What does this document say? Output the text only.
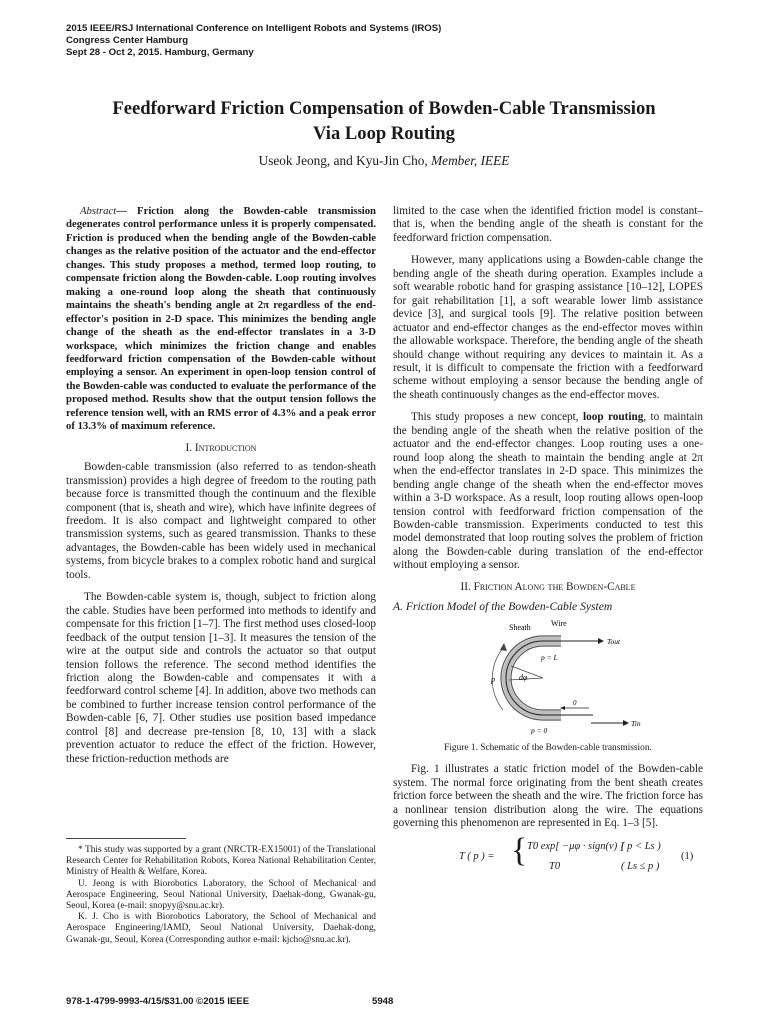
2015 IEEE/RSJ International Conference on Intelligent Robots and Systems (IROS)
Congress Center Hamburg
Sept 28 - Oct 2, 2015. Hamburg, Germany
Feedforward Friction Compensation of Bowden-Cable Transmission
Via Loop Routing
Useok Jeong, and Kyu-Jin Cho, Member, IEEE

Abstract— Friction along the Bowden-cable transmission degenerates control performance unless it is properly compensated. Friction is produced when the bending angle of the Bowden-cable changes as the relative position of the actuator and the end-effector changes. This study proposes a method, termed loop routing, to compensate friction along the Bowden-cable. Loop routing involves making a one-round loop along the sheath that continuously maintains the sheath's bending angle at 2π regardless of the end-effector's position in 2-D space. This minimizes the bending angle change of the sheath as the end-effector translates in a 3-D workspace, which minimizes the friction change and enables feedforward friction compensation of the Bowden-cable without employing a sensor. An experiment in open-loop tension control of the Bowden-cable was conducted to evaluate the performance of the proposed method. Results show that the output tension follows the reference tension well, with an RMS error of 4.3% and a peak error of 13.3% of maximum reference.

I. Introduction

Bowden-cable transmission (also referred to as tendon-sheath transmission) provides a high degree of freedom to the routing path because force is transmitted though the continuum and the flexible component (that is, sheath and wire), which have infinite degrees of freedom. It is also compact and lightweight compared to other transmission systems, such as geared transmission. Thanks to these advantages, the Bowden-cable has been widely used in mechanical systems, from bicycle brakes to a complex robotic hand and surgical tools.

The Bowden-cable system is, though, subject to friction along the cable. Studies have been performed into methods to identify and compensate for this friction [1–7]. The first method uses closed-loop feedback of the output tension [1–3]. It measures the tension of the wire at the output side and controls the actuator so that output tension follows the reference. The second method identifies the friction along the Bowden-cable and compensates it with a feedforward control scheme [4]. In addition, above two methods can be combined to further increase tension control performance of the Bowden-cable [6, 7]. Other studies use position based impedance control [8] and decrease pre-tension [8, 10, 13] with a slack prevention actuator to reduce the effect of the friction. However, these friction-reduction methods are

* This study was supported by a grant (NRCTR-EX15001) of the Translational Research Center for Rehabilitation Robots, Korea National Rehabilitation Center, Ministry of Health & Welfare, Korea.

U. Jeong is with Biorobotics Laboratory, the School of Mechanical and Aerospace Engineering, Seoul National University, Daehak-dong, Gwanak-gu, Seoul, Korea (e-mail: snopyy@snu.ac.kr).

K. J. Cho is with Biorobotics Laboratory, the School of Mechanical and Aerospace Engineering/IAMD, Seoul National University, Daehak-dong, Gwanak-gu, Seoul, Korea (Corresponding author e-mail: kjcho@snu.ac.kr).

limited to the case when the identified friction model is constant–that is, when the bending angle of the sheath is constant for the feedforward friction compensation.

However, many applications using a Bowden-cable change the bending angle of the sheath during operation. Examples include a soft wearable robotic hand for grasping assistance [10–12], LOPES for gait rehabilitation [1], a soft wearable lower limb assistance device [3], and surgical tools [9]. The relative position between actuator and end-effector changes as the end-effector moves within the allowable workspace. Therefore, the bending angle of the sheath should change without requiring any devices to maintain it. As a result, it is difficult to compensate the friction with a feedforward scheme without employing a sensor because the bending angle of the sheath continuously changes as the end-effector moves.

This study proposes a new concept, loop routing, to maintain the bending angle of the sheath when the relative position of the actuator and the end-effector changes. Loop routing uses a one-round loop along the sheath to maintain the bending angle at 2π when the end-effector translates in 2-D space. This minimizes the bending angle change of the sheath when the end-effector moves within a 3-D workspace. As a result, loop routing allows open-loop tension control with feedforward friction compensation of the Bowden-cable transmission. Experiments conducted to test this model demonstrated that loop routing solves the problem of friction along the Bowden-cable during translation of the end-effector without employing a sensor.

II. Friction Along the Bowden-Cable
A. Friction Model of the Bowden-Cable System
Sheath	Wire
Tout
p = L
dφ
p
0
Tin
p = 0
Figure 1. Schematic of the Bowden-cable transmission.

Fig. 1 illustrates a static friction model of the Bowden-cable system. The normal force originating from the bent sheath creates friction force between the sheath and the wire. The friction force has a nonlinear tension distribution along the wire. The equations governing this phenomenon are represented in Eq. 1–3 [5].

T ( p ) = { T0 exp[ −μφ · sign(v) ]
( p < Ls )
T0	( Ls ≤ p )
(1)
978-1-4799-9993-4/15/$31.00 ©2015 IEEE	5948
